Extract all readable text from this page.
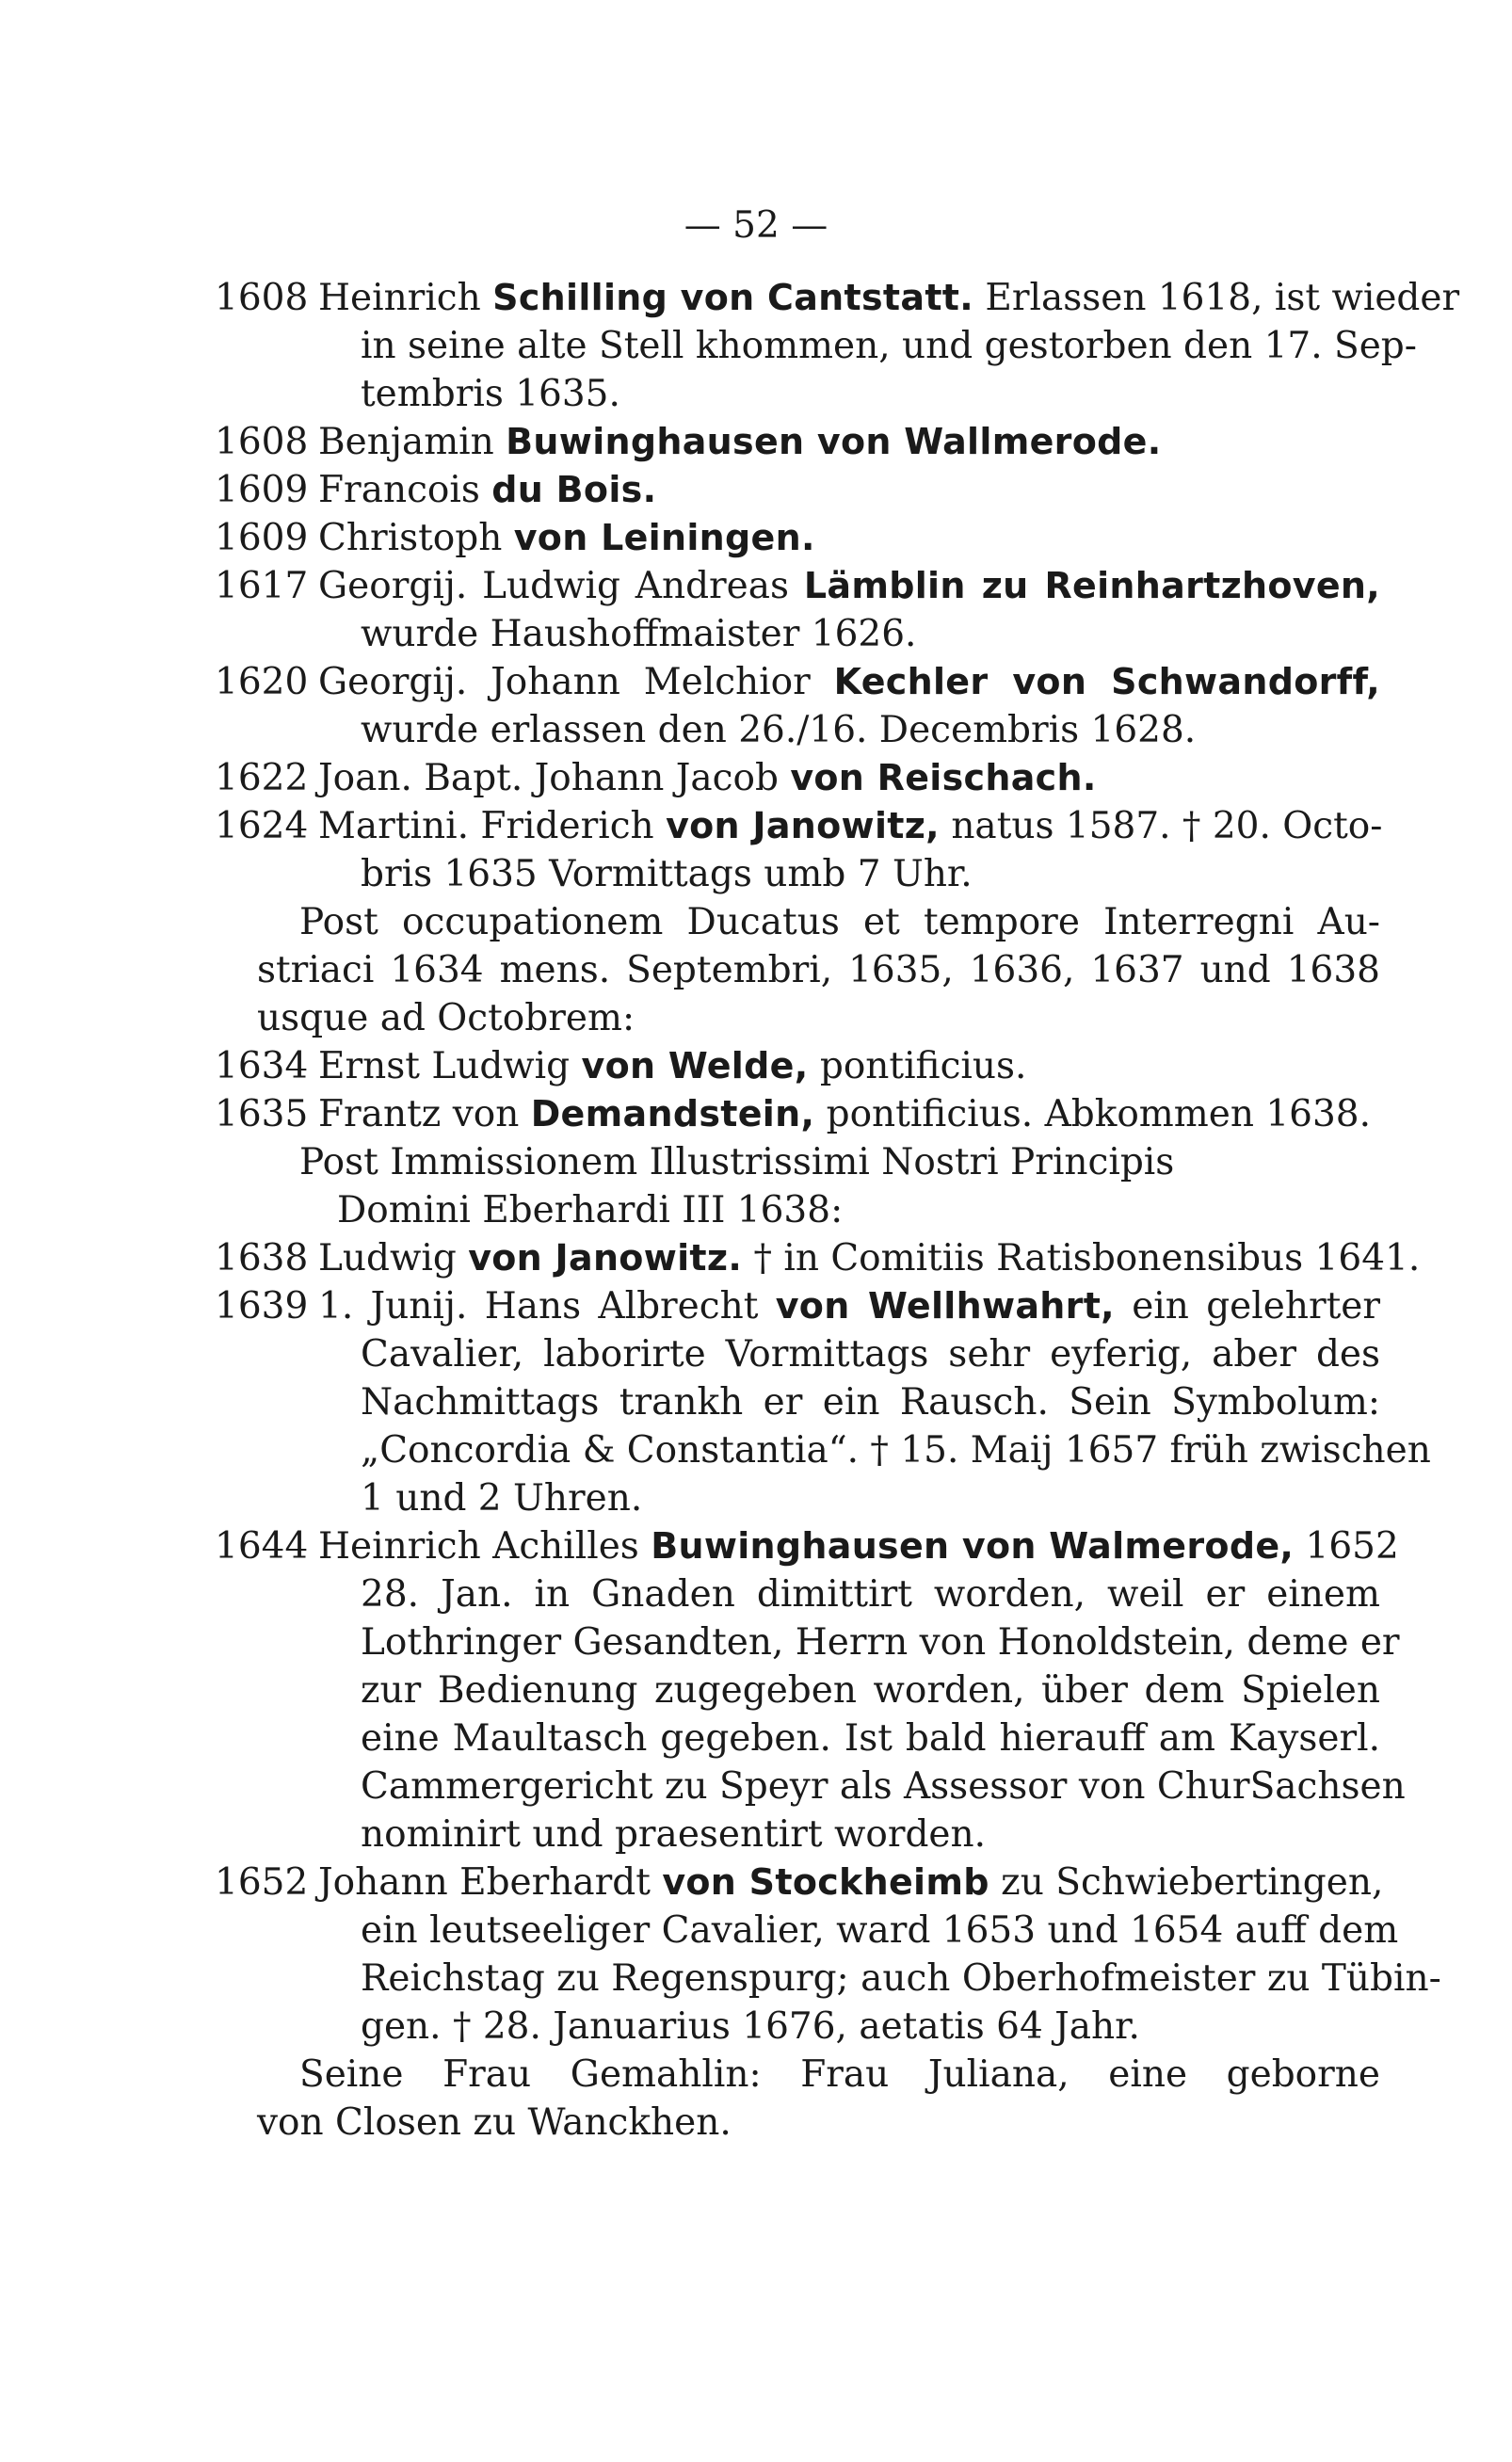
— 52 —
1608 Heinrich Schilling von Cantstatt. Erlassen 1618, ist wieder
in seine alte Stell khommen, und gestorben den 17. Sep-
tembris 1635.
1608 Benjamin Buwinghausen von Wallmerode.
1609 Francois du Bois.
1609 Christoph von Leiningen.
1617 Georgij. Ludwig Andreas Lämblin zu Reinhartzhoven,
wurde Haushoffmaister 1626.
1620 Georgij. Johann Melchior Kechler von Schwandorff,
wurde erlassen den 26./16. Decembris 1628.
1622 Joan. Bapt. Johann Jacob von Reischach.
1624 Martini. Friderich von Janowitz, natus 1587. † 20. Octo-
bris 1635 Vormittags umb 7 Uhr.
Post occupationem Ducatus et tempore Interregni Au-
striaci 1634 mens. Septembri, 1635, 1636, 1637 und 1638
usque ad Octobrem:
1634 Ernst Ludwig von Welde, pontificius.
1635 Frantz von Demandstein, pontificius. Abkommen 1638.
Post Immissionem Illustrissimi Nostri Principis
Domini Eberhardi III 1638:
1638 Ludwig von Janowitz. † in Comitiis Ratisbonensibus 1641.
1639 1. Junij. Hans Albrecht von Wellhwahrt, ein gelehrter
Cavalier, laborirte Vormittags sehr eyferig, aber des
Nachmittags trankh er ein Rausch. Sein Symbolum:
„Concordia & Constantia“. † 15. Maij 1657 früh zwischen
1 und 2 Uhren.
1644 Heinrich Achilles Buwinghausen von Walmerode, 1652
28. Jan. in Gnaden dimittirt worden, weil er einem
Lothringer Gesandten, Herrn von Honoldstein, deme er
zur Bedienung zugegeben worden, über dem Spielen
eine Maultasch gegeben. Ist bald hierauff am Kayserl.
Cammergericht zu Speyr als Assessor von ChurSachsen
nominirt und praesentirt worden.
1652 Johann Eberhardt von Stockheimb zu Schwiebertingen,
ein leutseeliger Cavalier, ward 1653 und 1654 auff dem
Reichstag zu Regenspurg; auch Oberhofmeister zu Tübin-
gen. † 28. Januarius 1676, aetatis 64 Jahr.
Seine Frau Gemahlin: Frau Juliana, eine geborne
von Closen zu Wanckhen.
